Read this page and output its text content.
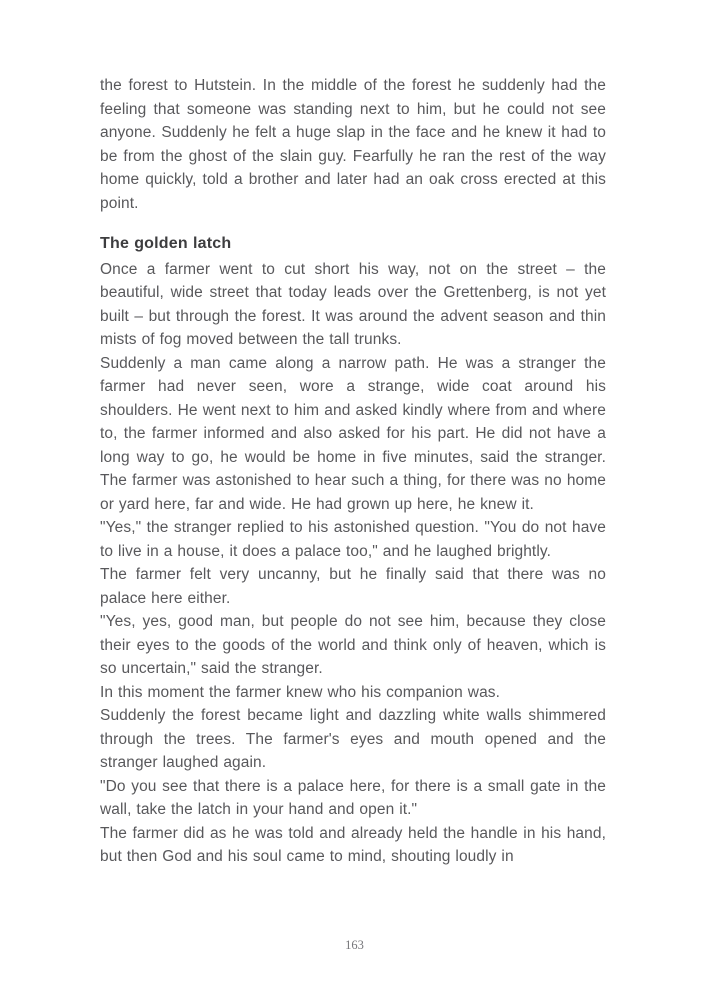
the forest to Hutstein. In the middle of the forest he suddenly had the feeling that someone was standing next to him, but he could not see anyone. Suddenly he felt a huge slap in the face and he knew it had to be from the ghost of the slain guy. Fearfully he ran the rest of the way home quickly, told a brother and later had an oak cross erected at this point.

The golden latch

Once a farmer went to cut short his way, not on the street – the beautiful, wide street that today leads over the Grettenberg, is not yet built – but through the forest. It was around the advent season and thin mists of fog moved between the tall trunks.

Suddenly a man came along a narrow path. He was a stranger the farmer had never seen, wore a strange, wide coat around his shoulders. He went next to him and asked kindly where from and where to, the farmer informed and also asked for his part. He did not have a long way to go, he would be home in five minutes, said the stranger. The farmer was astonished to hear such a thing, for there was no home or yard here, far and wide. He had grown up here, he knew it.

"Yes," the stranger replied to his astonished question. "You do not have to live in a house, it does a palace too," and he laughed brightly.

The farmer felt very uncanny, but he finally said that there was no palace here either.

"Yes, yes, good man, but people do not see him, because they close their eyes to the goods of the world and think only of heaven, which is so uncertain," said the stranger.

In this moment the farmer knew who his companion was.

Suddenly the forest became light and dazzling white walls shimmered through the trees. The farmer's eyes and mouth opened and the stranger laughed again.

"Do you see that there is a palace here, for there is a small gate in the wall, take the latch in your hand and open it."

The farmer did as he was told and already held the handle in his hand, but then God and his soul came to mind, shouting loudly in

163
